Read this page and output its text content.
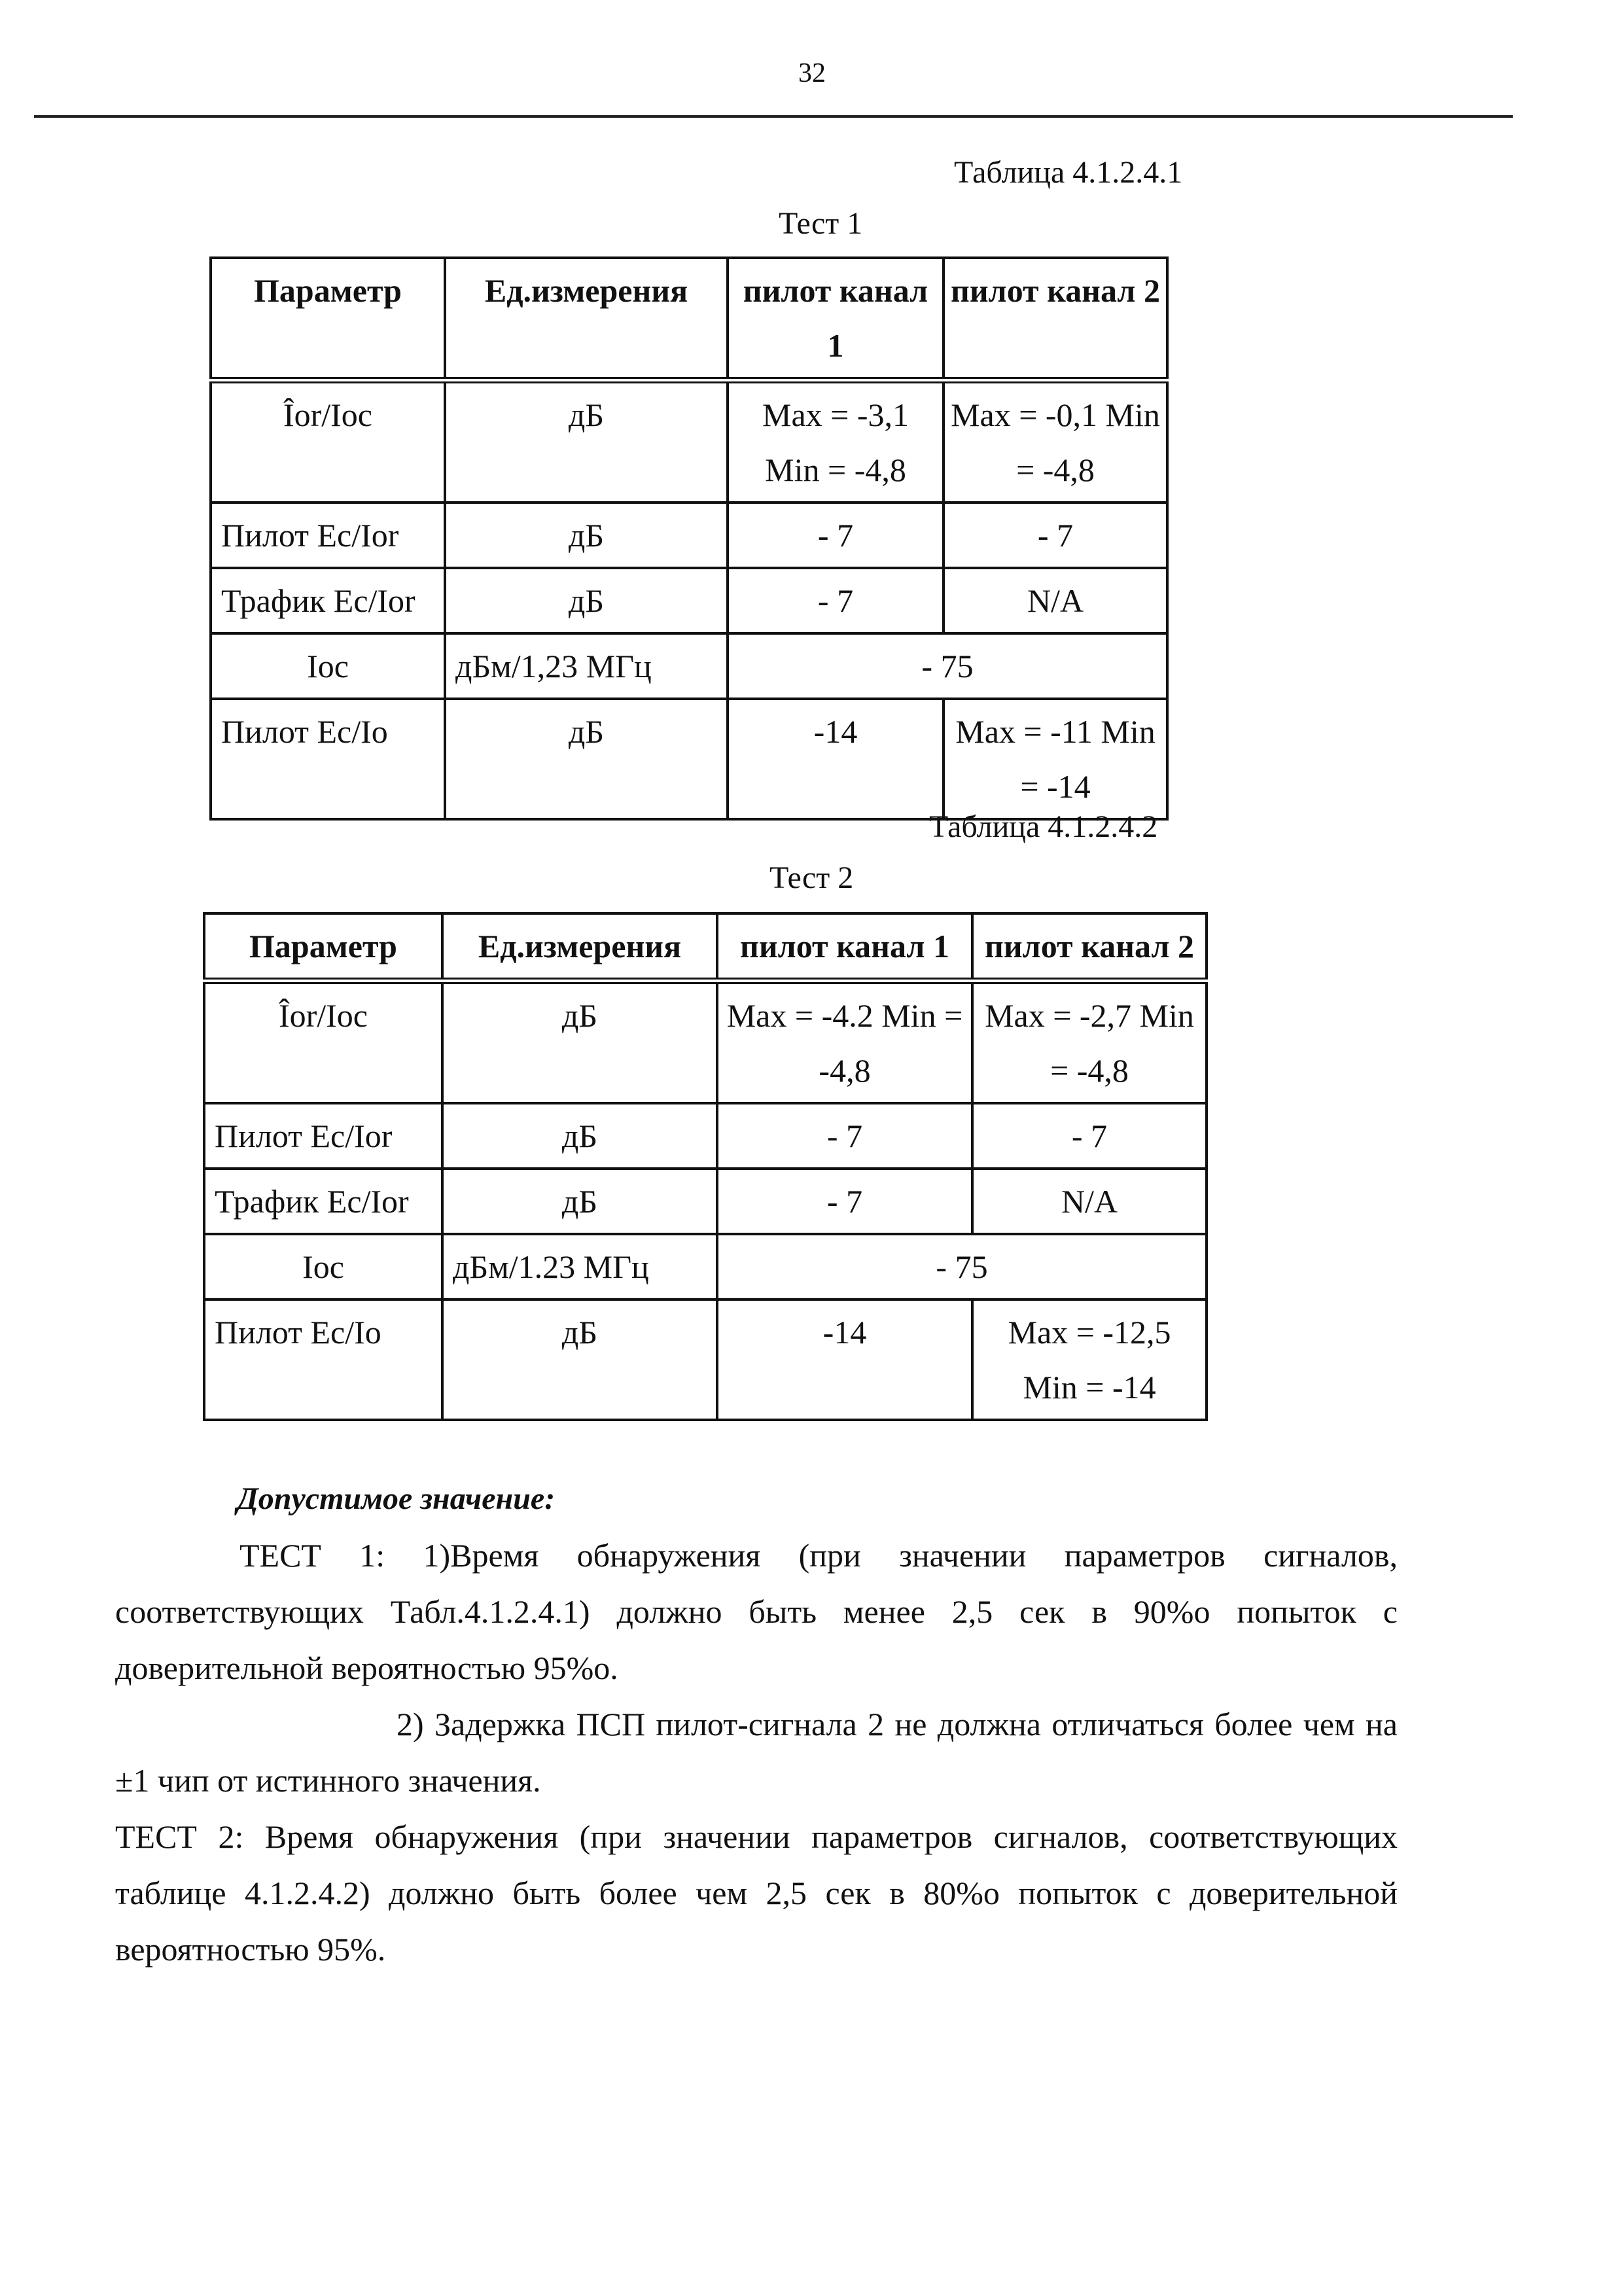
32
Таблица 4.1.2.4.1
Тест 1
Параметр	Ед.измерения	пилот канал 1	пилот канал 2
Îor/Ioc	дБ	Max = -3,1 Min = -4,8	Max = -0,1 Min = -4,8
Пилот Ec/Ior	дБ	- 7	- 7
Трафик Ec/Ior	дБ	- 7	N/A
Ioc	дБм/1,23 МГц	- 75	
Пилот Ec/Io	дБ	-14	Max = -11 Min = -14
Таблица 4.1.2.4.2
Тест 2
Параметр	Ед.измерения	пилот канал 1	пилот канал 2
Îor/Ioc	дБ	Max = -4.2 Min = -4,8	Max = -2,7 Min = -4,8
Пилот Ec/Ior	дБ	- 7	- 7
Трафик Ec/Ior	дБ	- 7	N/A
Ioc	дБм/1.23 МГц	- 75	
Пилот Ec/Io	дБ	-14	Max = -12,5 Min = -14
Допустимое значение:
ТЕСТ 1: 1)Время обнаружения (при значении параметров сигналов, соответствующих Табл.4.1.2.4.1) должно быть менее 2,5 сек в 90%о попыток с доверительной вероятностью 95%о.
2) Задержка ПСП пилот-сигнала 2 не должна отличаться более чем на ±1 чип от истинного значения.
ТЕСТ 2: Время обнаружения (при значении параметров сигналов, соответствующих таблице 4.1.2.4.2) должно быть более чем 2,5 сек в 80%о попыток с доверительной вероятностью 95%.
